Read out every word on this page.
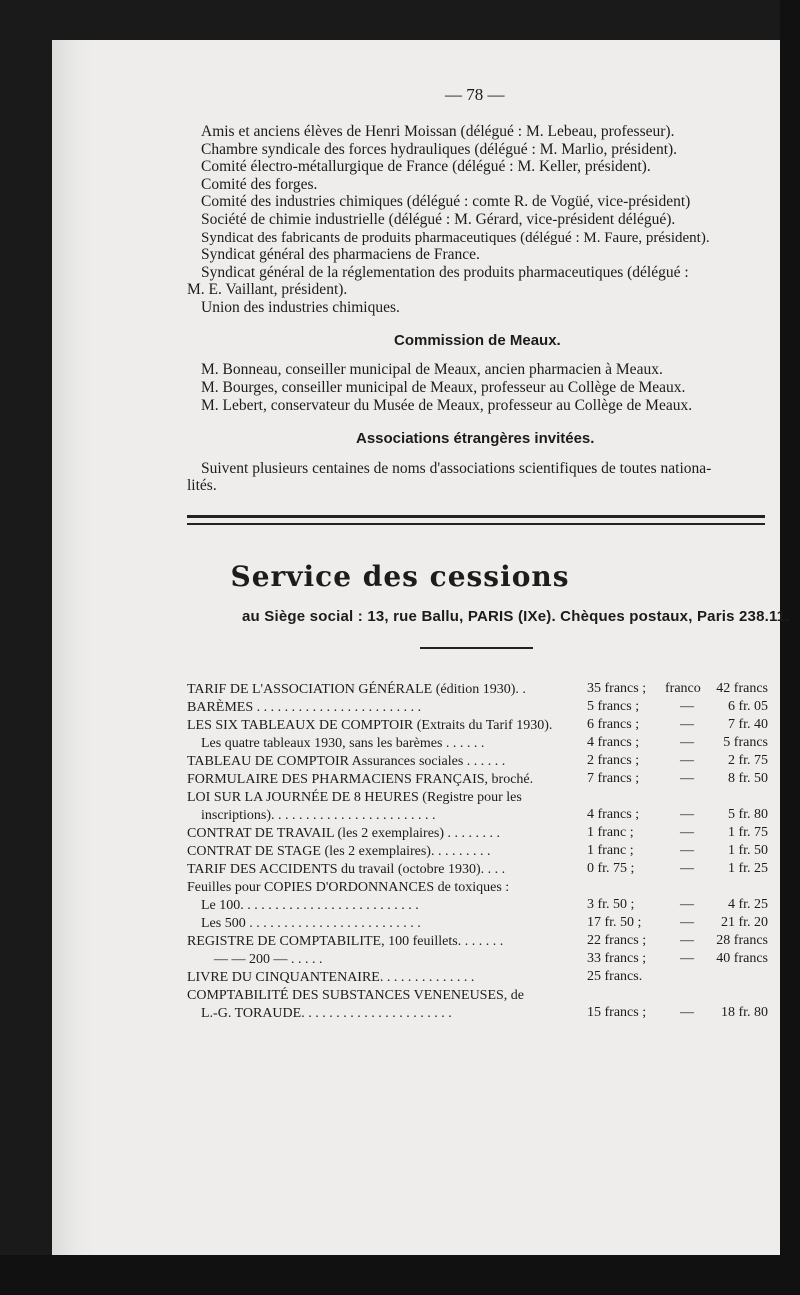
— 78 —
Amis et anciens élèves de Henri Moissan (délégué : M. Lebeau, professeur).
Chambre syndicale des forces hydrauliques (délégué : M. Marlio, président).
Comité électro-métallurgique de France (délégué : M. Keller, président).
Comité des forges.
Comité des industries chimiques (délégué : comte R. de Vogüé, vice-président)
Société de chimie industrielle (délégué : M. Gérard, vice-président délégué).
Syndicat des fabricants de produits pharmaceutiques (délégué : M. Faure, président).
Syndicat général des pharmaciens de France.
Syndicat général de la réglementation des produits pharmaceutiques (délégué :
M. E. Vaillant, président).
Union des industries chimiques.
Commission de Meaux.
M. Bonneau, conseiller municipal de Meaux, ancien pharmacien à Meaux.
M. Bourges, conseiller municipal de Meaux, professeur au Collège de Meaux.
M. Lebert, conservateur du Musée de Meaux, professeur au Collège de Meaux.
Associations étrangères invitées.
Suivent plusieurs centaines de noms d'associations scientifiques de toutes nationa-
lités.
Service des cessions
au Siège social : 13, rue Ballu, PARIS (IXe). Chèques postaux, Paris 238.11.
TARIF DE L'ASSOCIATION GÉNÉRALE (édition 1930). .	35 francs ; franco 42 francs
BARÈMES . . . . . . . . . . . . . . . . . . . . . . . .	5 francs ;	— 6 fr. 05
LES SIX TABLEAUX DE COMPTOIR (Extraits du Tarif 1930). 6 francs ;	— 7 fr. 40
Les quatre tableaux 1930, sans les barèmes . . . . . .	4 francs ;	— 5 francs
TABLEAU DE COMPTOIR Assurances sociales . . . . . .	2 francs ;	— 2 fr. 75
FORMULAIRE DES PHARMACIENS FRANÇAIS, broché.	7 francs ;	— 8 fr. 50
LOI SUR LA JOURNÉE DE 8 HEURES (Registre pour les
inscriptions). . . . . . . . . . . . . . . . . . . . . . . .	4 francs ;	— 5 fr. 80
CONTRAT DE TRAVAIL (les 2 exemplaires) . . . . . . . .	1 franc ;	— 1 fr. 75
CONTRAT DE STAGE (les 2 exemplaires). . . . . . . . .	1 franc ;	— 1 fr. 50
TARIF DES ACCIDENTS du travail (octobre 1930). . . .	0 fr. 75 ;	— 1 fr. 25
Feuilles pour COPIES D'ORDONNANCES de toxiques :
Le 100. . . . . . . . . . . . . . . . . . . . . . . . . .	3 fr. 50 ;	— 4 fr. 25
Les 500 . . . . . . . . . . . . . . . . . . . . . . . . .	17 fr. 50 ;	— 21 fr. 20
REGISTRE DE COMPTABILITE, 100 feuillets. . . . . . .	22 francs ; — 28 francs
— — 200 — . . . . .	33 francs ; — 40 francs
LIVRE DU CINQUANTENAIRE. . . . . . . . . . . . . .	25 francs.
COMPTABILITÉ DES SUBSTANCES VENENEUSES, de
L.-G. TORAUDE. . . . . . . . . . . . . . . . . . . . . .	15 francs ; — 18 fr. 80
